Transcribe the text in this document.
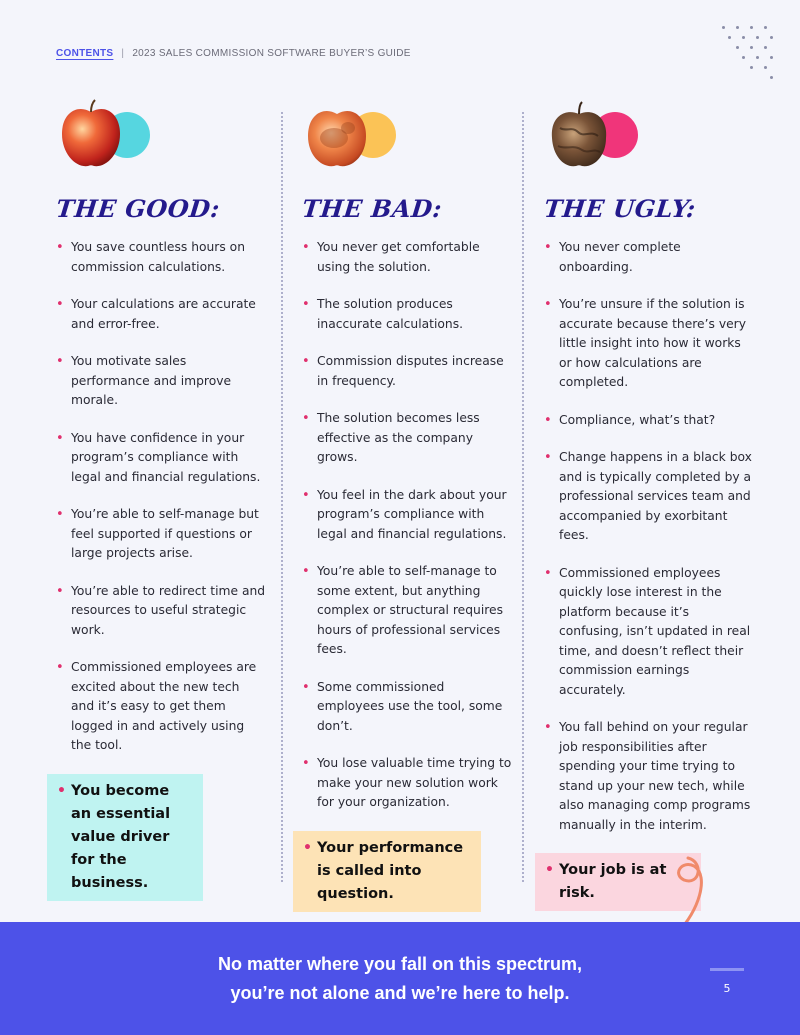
CONTENTS | 2023 SALES COMMISSION SOFTWARE BUYER’S GUIDE
THE GOOD:
• You save countless hours on commission calculations.
• Your calculations are accurate and error-free.
• You motivate sales performance and improve morale.
• You have confidence in your program’s compliance with legal and financial regulations.
• You’re able to self-manage but feel supported if questions or large projects arise.
• You’re able to redirect time and resources to useful strategic work.
• Commissioned employees are excited about the new tech and it’s easy to get them logged in and actively using the tool.
• You become an essential value driver for the business.
THE BAD:
• You never get comfortable using the solution.
• The solution produces inaccurate calculations.
• Commission disputes increase in frequency.
• The solution becomes less effective as the company grows.
• You feel in the dark about your program’s compliance with legal and financial regulations.
• You’re able to self-manage to some extent, but anything complex or structural requires hours of professional services fees.
• Some commissioned employees use the tool, some don’t.
• You lose valuable time trying to make your new solution work for your organization.
• Your performance is called into question.
THE UGLY:
• You never complete onboarding.
• You’re unsure if the solution is accurate because there’s very little insight into how it works or how calculations are completed.
• Compliance, what’s that?
• Change happens in a black box and is typically completed by a professional services team and accompanied by exorbitant fees.
• Commissioned employees quickly lose interest in the platform because it’s confusing, isn’t updated in real time, and doesn’t reflect their commission earnings accurately.
• You fall behind on your regular job responsibilities after spending your time trying to stand up your new tech, while also managing comp programs manually in the interim.
• Your job is at risk.
No matter where you fall on this spectrum,
you’re not alone and we’re here to help.	5
